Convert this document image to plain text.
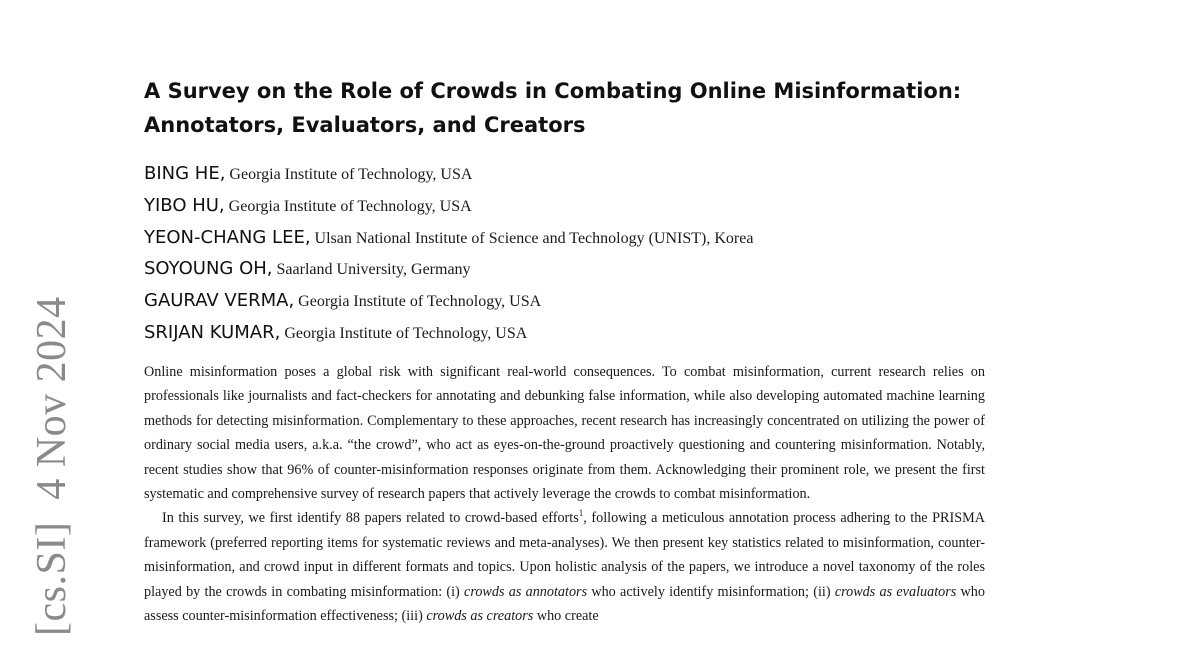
[cs.SI]4 Nov 2024
A Survey on the Role of Crowds in Combating Online Misinformation:
Annotators, Evaluators, and Creators
BING HE, Georgia Institute of Technology, USA
YIBO HU, Georgia Institute of Technology, USA
YEON-CHANG LEE, Ulsan National Institute of Science and Technology (UNIST), Korea
SOYOUNG OH, Saarland University, Germany
GAURAV VERMA, Georgia Institute of Technology, USA
SRIJAN KUMAR, Georgia Institute of Technology, USA

Online misinformation poses a global risk with significant real-world consequences. To combat misinformation, current research relies on professionals like journalists and fact-checkers for annotating and debunking false information, while also developing automated machine learning methods for detecting misinformation. Complementary to these approaches, recent research has increasingly concentrated on utilizing the power of ordinary social media users, a.k.a. “the crowd”, who act as eyes-on-the-ground proactively questioning and countering misinformation. Notably, recent studies show that 96% of counter-misinformation responses originate from them. Acknowledging their prominent role, we present the first systematic and comprehensive survey of research papers that actively leverage the crowds to combat misinformation.

In this survey, we first identify 88 papers related to crowd-based efforts$^1$, following a meticulous annotation process adhering to the PRISMA framework (preferred reporting items for systematic reviews and meta-analyses). We then present key statistics related to misinformation, counter-misinformation, and crowd input in different formats and topics. Upon holistic analysis of the papers, we introduce a novel taxonomy of the roles played by the crowds in combating misinformation: (i) crowds as annotators who actively identify misinformation; (ii) crowds as evaluators who assess counter-misinformation effectiveness; (iii) crowds as creators who create
